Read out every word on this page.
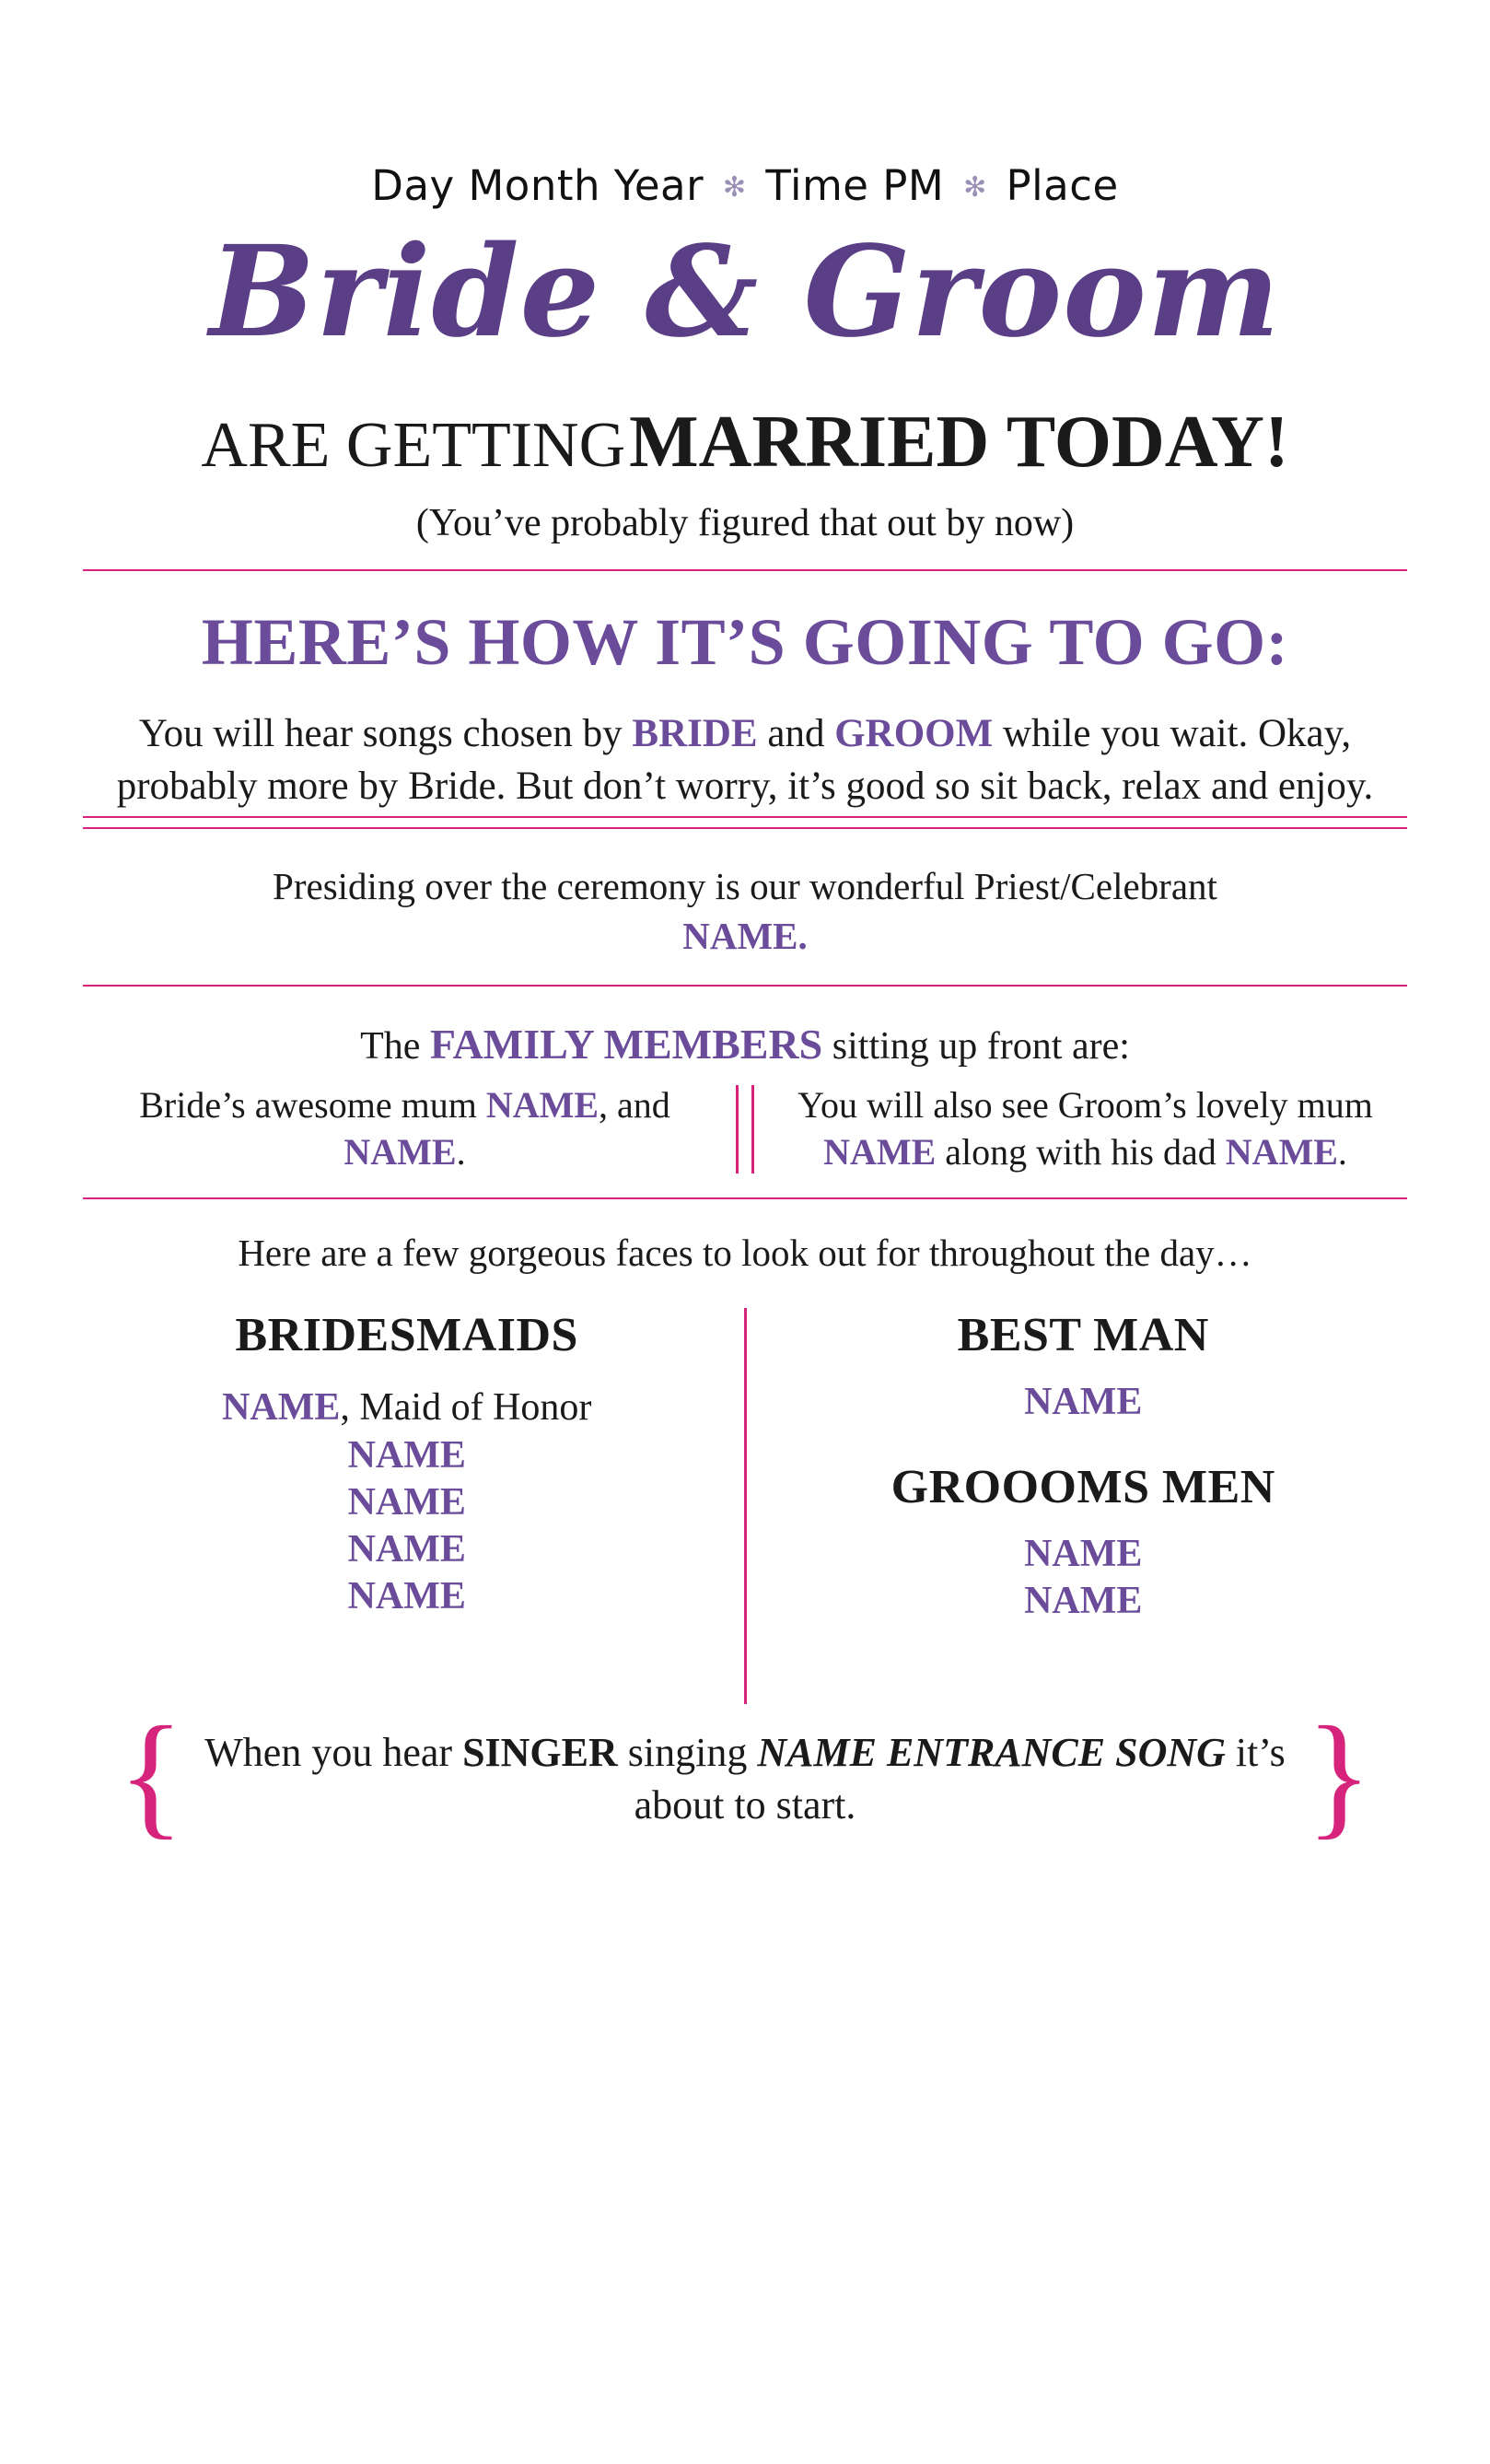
Day Month Year ✻ Time PM ✻ Place
Bride & Groom
ARE GETTING MARRIED TODAY!
(You’ve probably figured that out by now)
HERE’S HOW IT’S GOING TO GO:
You will hear songs chosen by BRIDE and GROOM while you wait. Okay, probably more by Bride. But don’t worry, it’s good so sit back, relax and enjoy.
Presiding over the ceremony is our wonderful Priest/Celebrant
NAME.
The FAMILY MEMBERS sitting up front are:
Bride’s awesome mum NAME, and NAME.
You will also see Groom’s lovely mum NAME along with his dad NAME.
Here are a few gorgeous faces to look out for throughout the day…
BRIDESMAIDS
NAME, Maid of Honor
NAME
NAME
NAME
NAME
BEST MAN
NAME
GROOOMS MEN
NAME
NAME
{	}
When you hear SINGER singing NAME ENTRANCE SONG it’s about to start.
